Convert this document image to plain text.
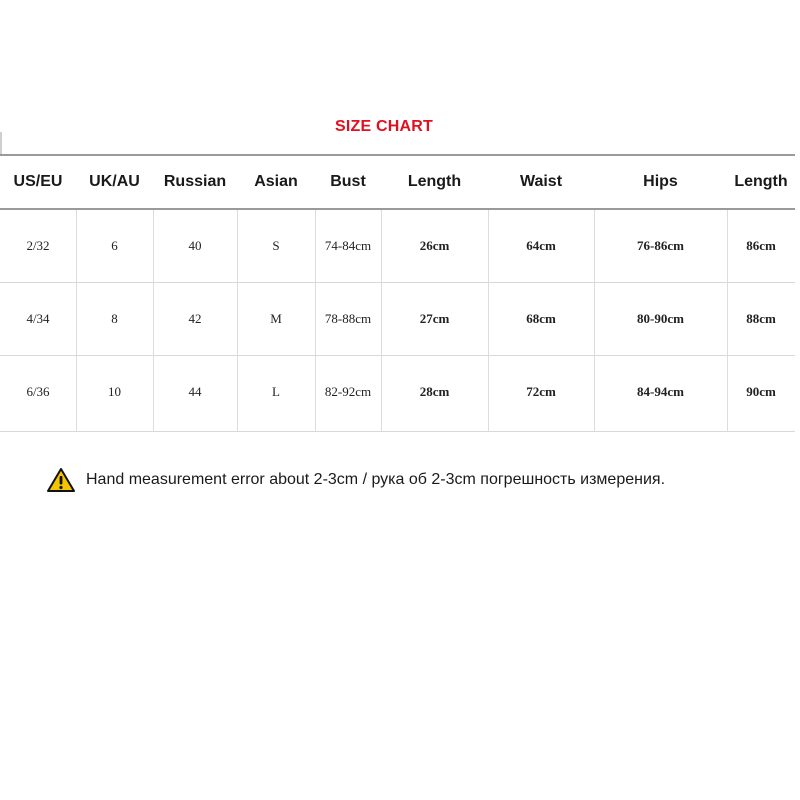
SIZE CHART
US/EU	UK/AU	Russian	Asian	Bust	Length	Waist	Hips	Length
2/32	6	40	S	74-84cm	26cm	64cm	76-86cm	86cm
4/34	8	42	M	78-88cm	27cm	68cm	80-90cm	88cm
6/36	10	44	L	82-92cm	28cm	72cm	84-94cm	90cm
Hand measurement error about 2-3cm / рука об 2-3cm погрешность измерения.
